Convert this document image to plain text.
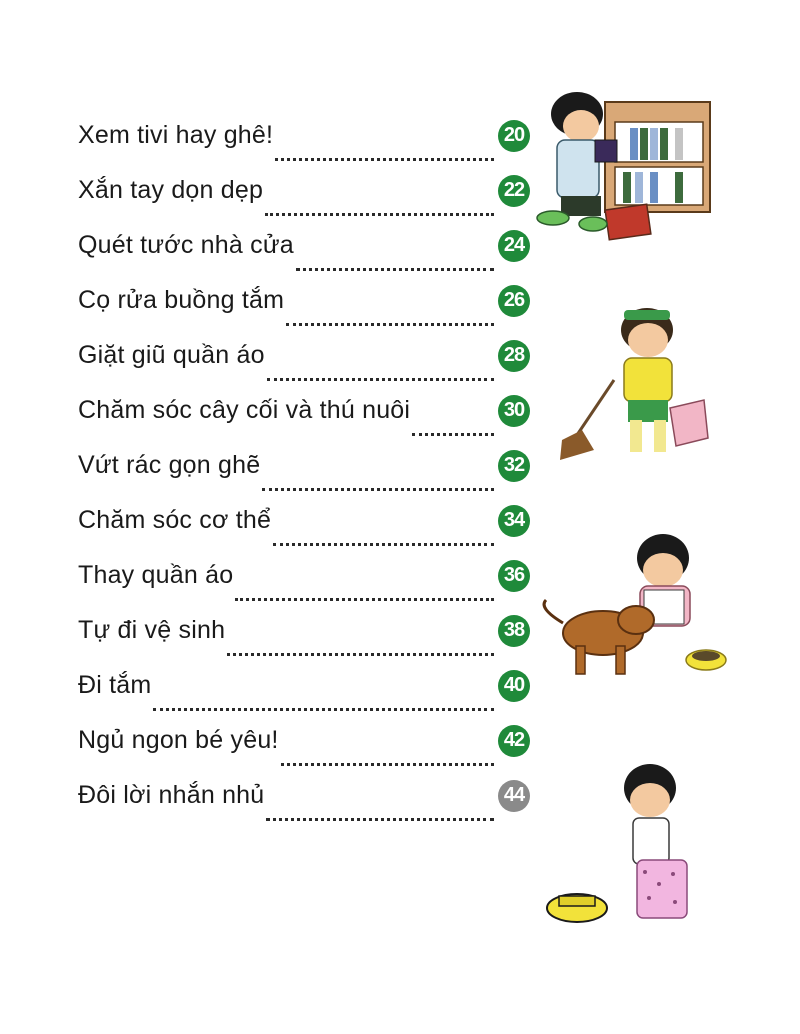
Xem tivi hay ghê!	20
Xắn tay dọn dẹp	22
Quét tước nhà cửa	24
Cọ rửa buồng tắm	26
Giặt giũ quần áo	28
Chăm sóc cây cối và thú nuôi	30
Vứt rác gọn ghẽ	32
Chăm sóc cơ thể	34
Thay quần áo	36
Tự đi vệ sinh	38
Đi tắm	40
Ngủ ngon bé yêu!	42
Đôi lời nhắn nhủ	44
